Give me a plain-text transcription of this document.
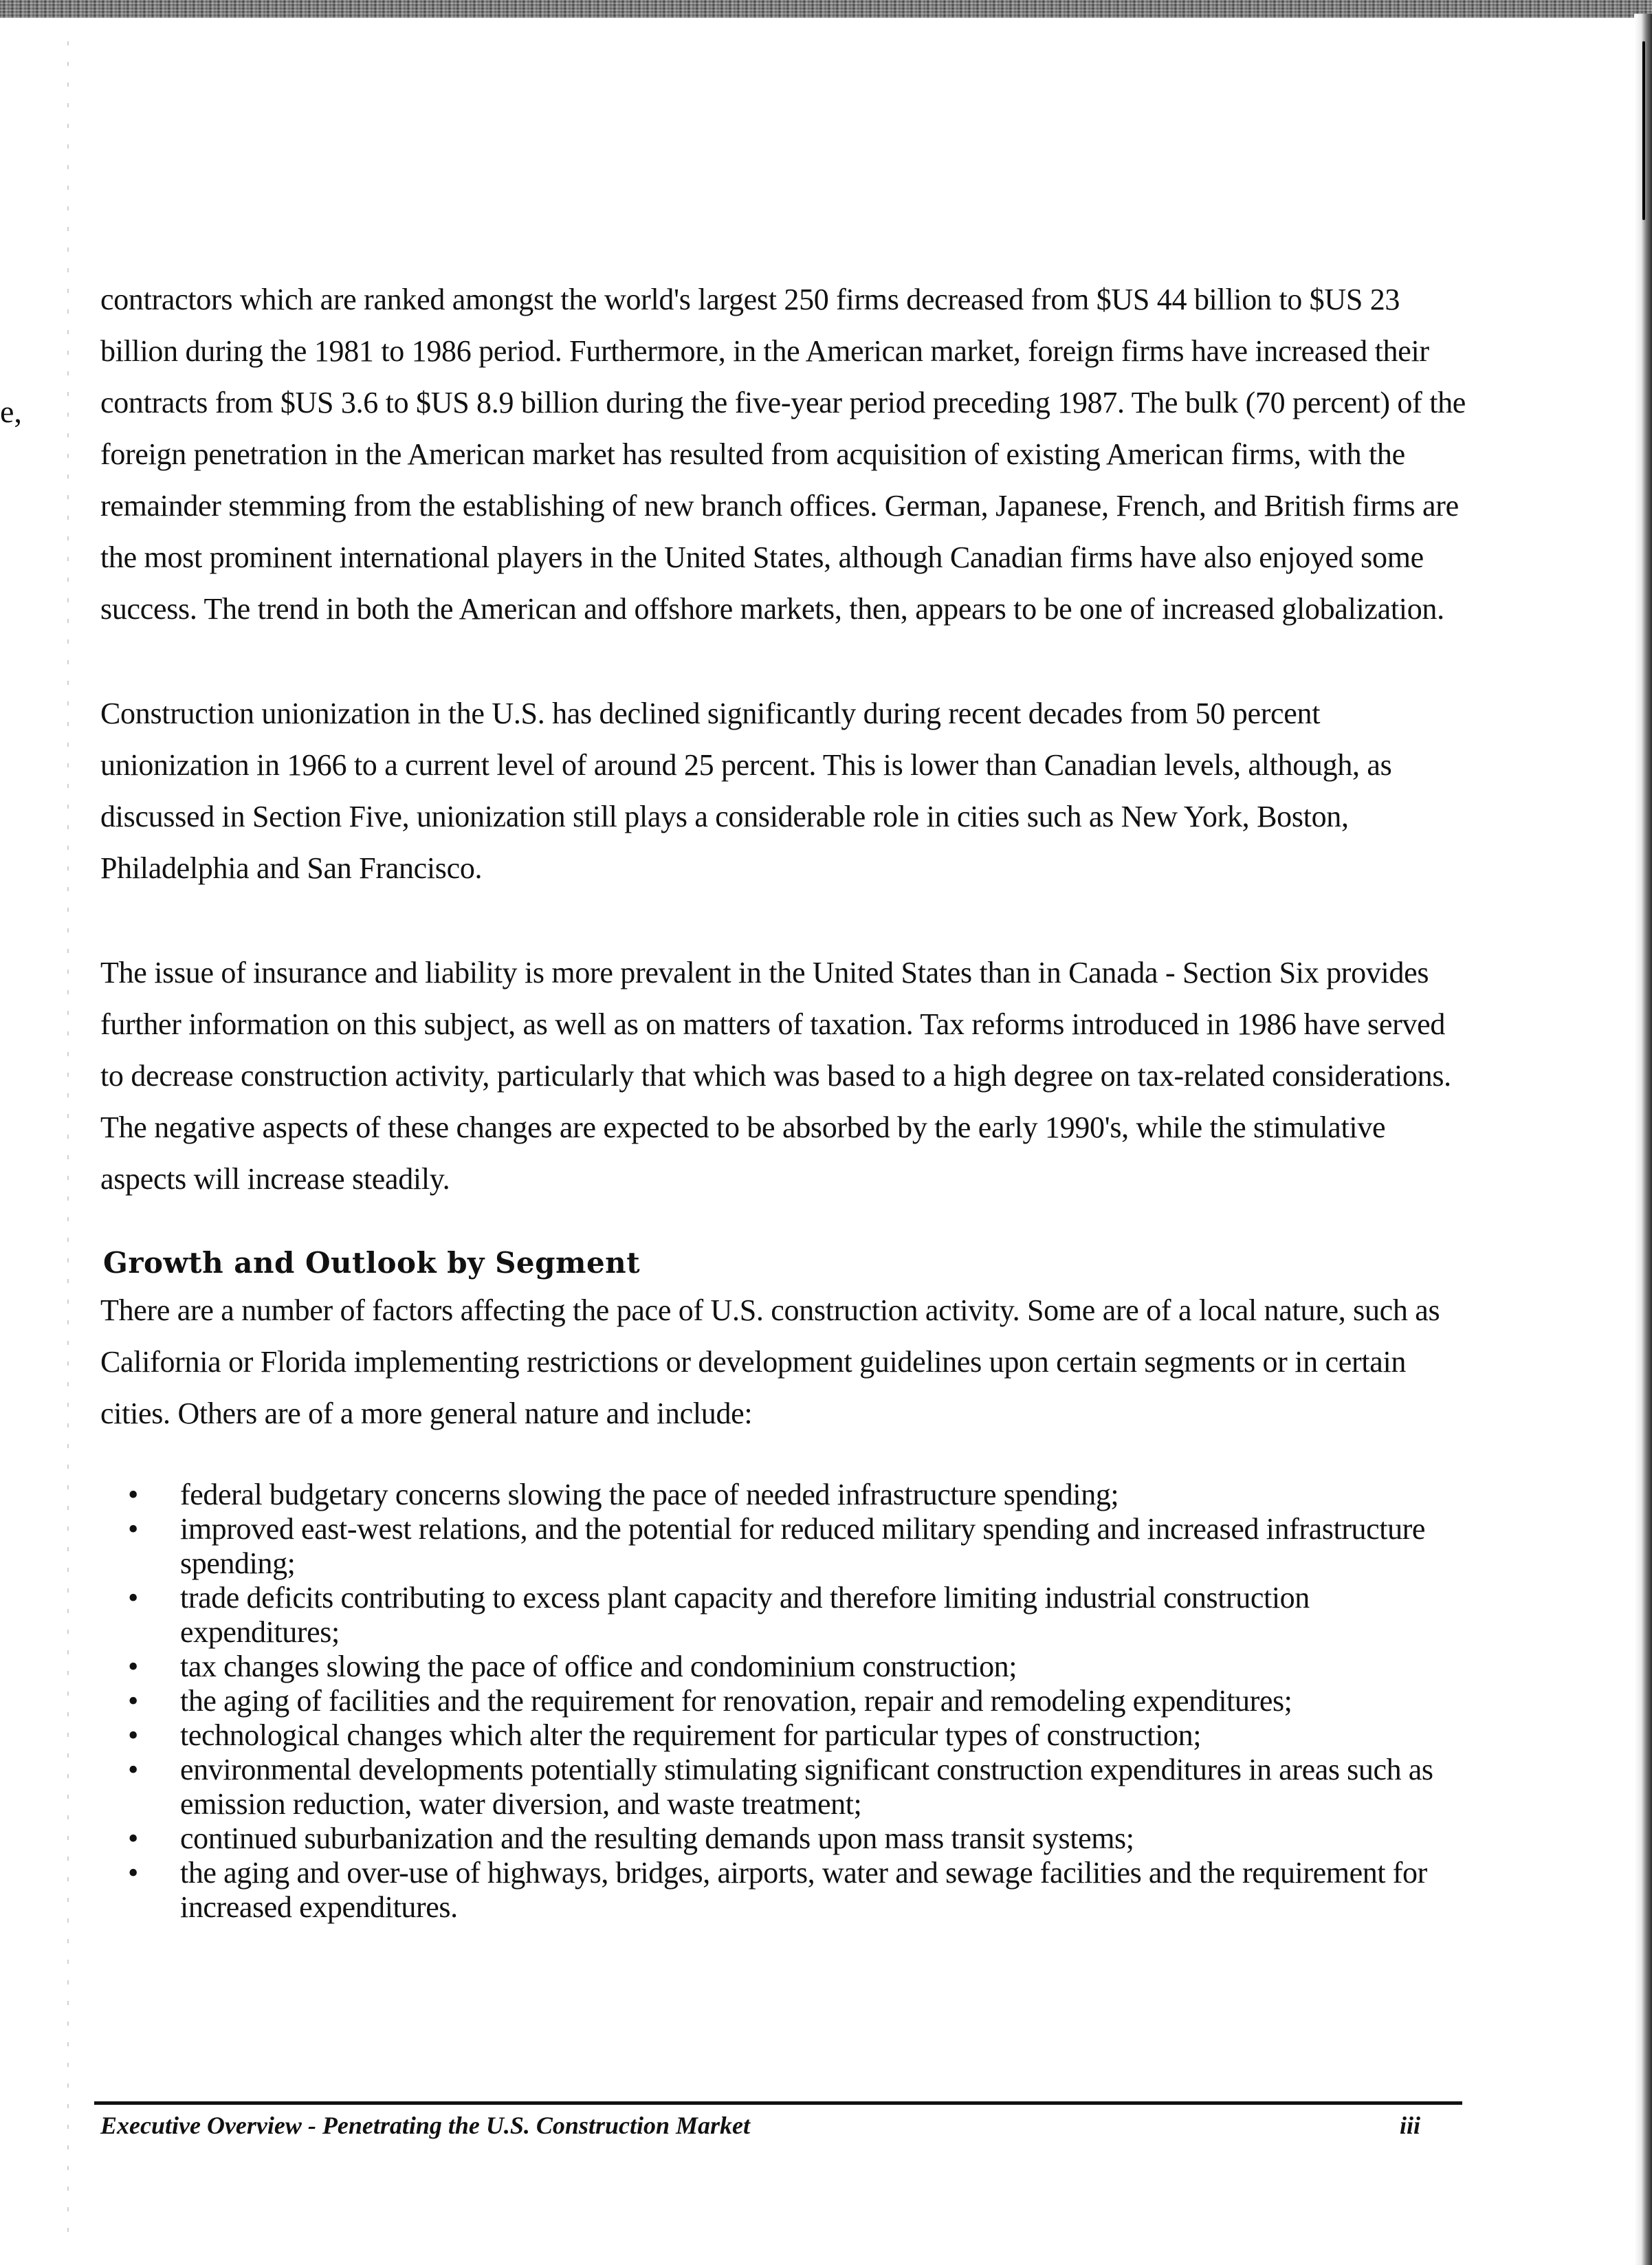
e,

contractors which are ranked amongst the world's largest 250 firms decreased from $US 44 billion to $US 23 billion during the 1981 to 1986 period. Furthermore, in the American market, foreign firms have increased their contracts from $US 3.6 to $US 8.9 billion during the five-year period preceding 1987. The bulk (70 percent) of the foreign penetration in the American market has resulted from acquisition of existing American firms, with the remainder stemming from the establishing of new branch offices. German, Japanese, French, and British firms are the most prominent international players in the United States, although Canadian firms have also enjoyed some success. The trend in both the American and offshore markets, then, appears to be one of increased globalization.

Construction unionization in the U.S. has declined significantly during recent decades from 50 percent unionization in 1966 to a current level of around 25 percent. This is lower than Canadian levels, although, as discussed in Section Five, unionization still plays a considerable role in cities such as New York, Boston, Philadelphia and San Francisco.

The issue of insurance and liability is more prevalent in the United States than in Canada - Section Six provides further information on this subject, as well as on matters of taxation. Tax reforms introduced in 1986 have served to decrease construction activity, particularly that which was based to a high degree on tax-related considerations. The negative aspects of these changes are expected to be absorbed by the early 1990's, while the stimulative aspects will increase steadily.

Growth and Outlook by Segment

There are a number of factors affecting the pace of U.S. construction activity. Some are of a local nature, such as California or Florida implementing restrictions or development guidelines upon certain segments or in certain cities. Others are of a more general nature and include:

• federal budgetary concerns slowing the pace of needed infrastructure spending;
• improved east-west relations, and the potential for reduced military spending and increased infrastructure spending;
• trade deficits contributing to excess plant capacity and therefore limiting industrial construction expenditures;
• tax changes slowing the pace of office and condominium construction;
• the aging of facilities and the requirement for renovation, repair and remodeling expenditures;
• technological changes which alter the requirement for particular types of construction;
• environmental developments potentially stimulating significant construction expenditures in areas such as emission reduction, water diversion, and waste treatment;
• continued suburbanization and the resulting demands upon mass transit systems;
• the aging and over-use of highways, bridges, airports, water and sewage facilities and the requirement for increased expenditures.
Executive Overview - Penetrating the U.S. Construction Market	iii
